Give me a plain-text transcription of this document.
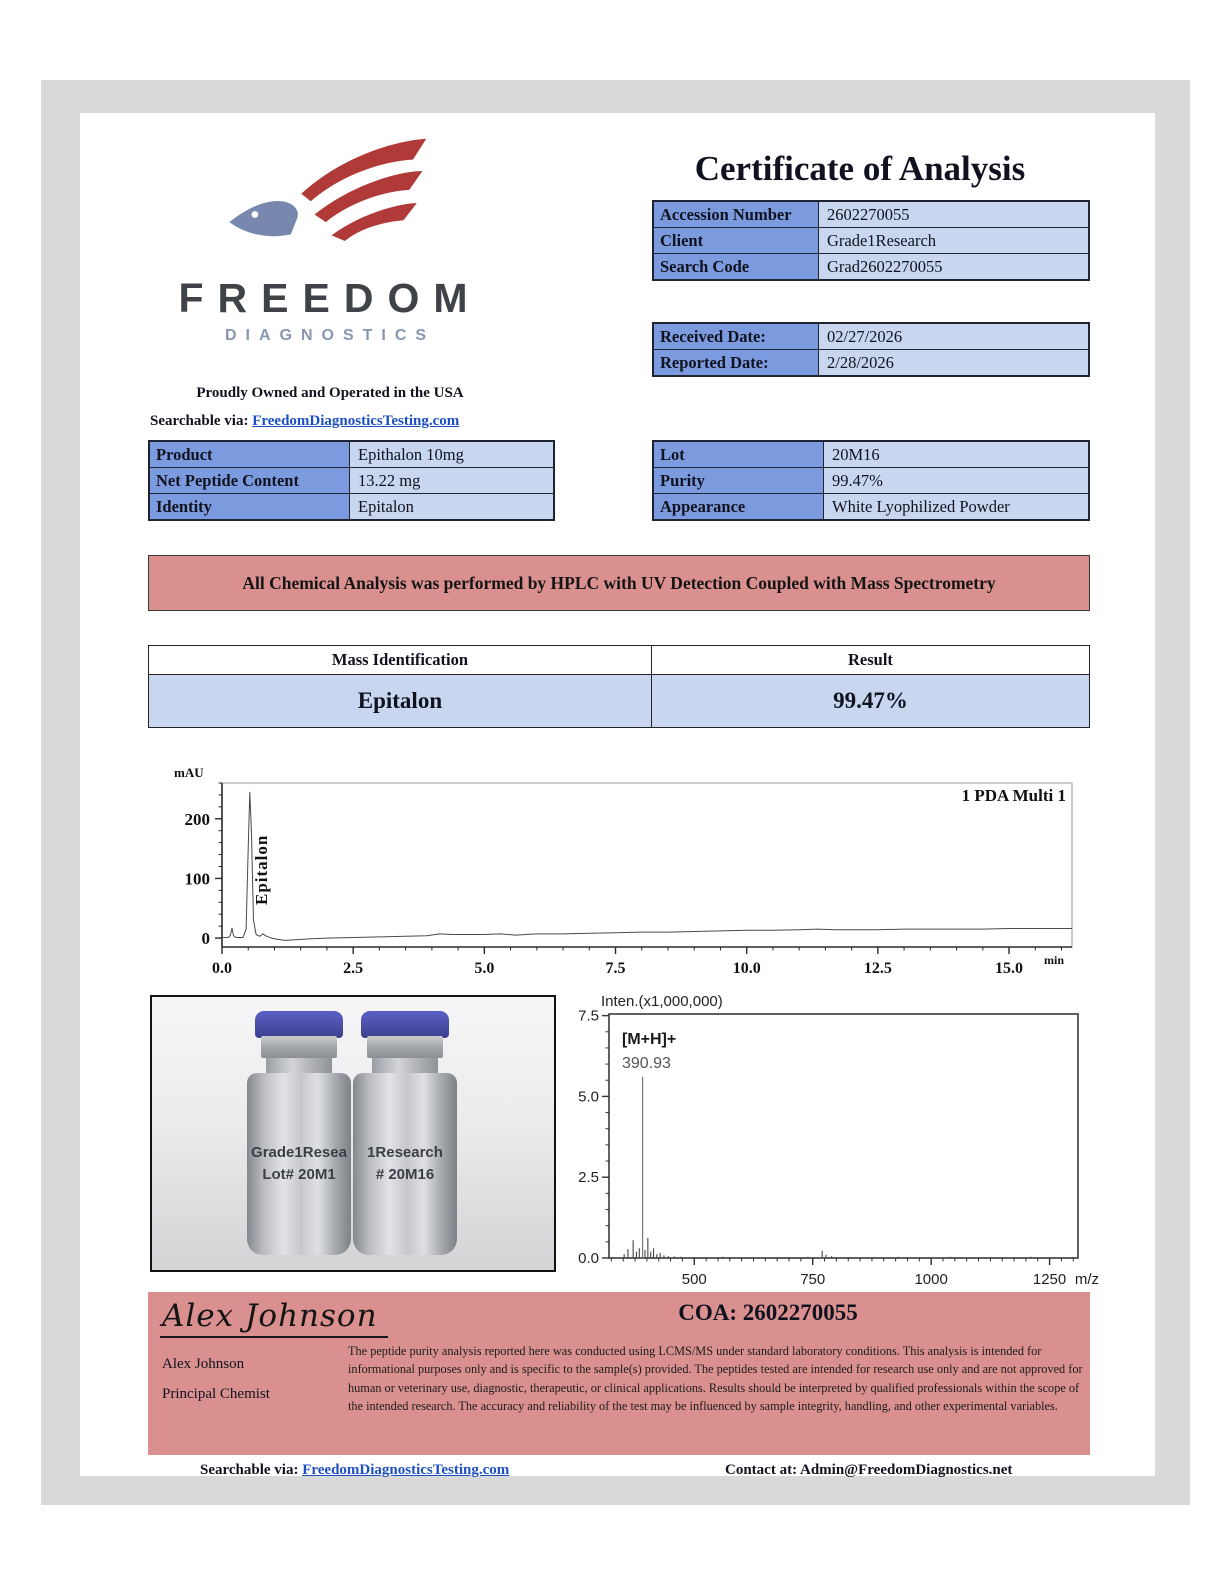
FREEDOM
DIAGNOSTICS
Proudly Owned and Operated in the USA
Searchable via: FreedomDiagnosticsTesting.com
Certificate of Analysis
Accession Number	2602270055
Client	Grade1Research
Search Code	Grad2602270055
Received Date:	02/27/2026
Reported Date:	2/28/2026
Product	Epithalon 10mg
Net Peptide Content	13.22 mg
Identity	Epitalon
Lot	20M16
Purity	99.47%
Appearance	White Lyophilized Powder
All Chemical Analysis was performed by HPLC with UV Detection Coupled with Mass Spectrometry
Mass Identification	Result
Epitalon	99.47%
0.0	2.5	5.0	7.5	10.0	12.5	15.0
0
100
200
mAU
min
1 PDA Multi 1
Epitalon
Grade1Resea
Lot# 20M1
1Research
# 20M16
500	750	1000	1250 m/z
0.0
2.5
5.0
7.5
Inten.(x1,000,000)
[M+H]+
390.93
Alex Johnson
Alex Johnson
Principal Chemist
COA: 2602270055
The peptide purity analysis reported here was conducted using LCMS/MS under standard laboratory conditions. This analysis is intended for informational purposes only and is specific to the sample(s) provided. The peptides tested are intended for research use only and are not approved for human or veterinary use, diagnostic, therapeutic, or clinical applications. Results should be interpreted by qualified professionals within the scope of the intended research. The accuracy and reliability of the test may be influenced by sample integrity, handling, and other experimental variables.
Searchable via: FreedomDiagnosticsTesting.com	Contact at: Admin@FreedomDiagnostics.net
